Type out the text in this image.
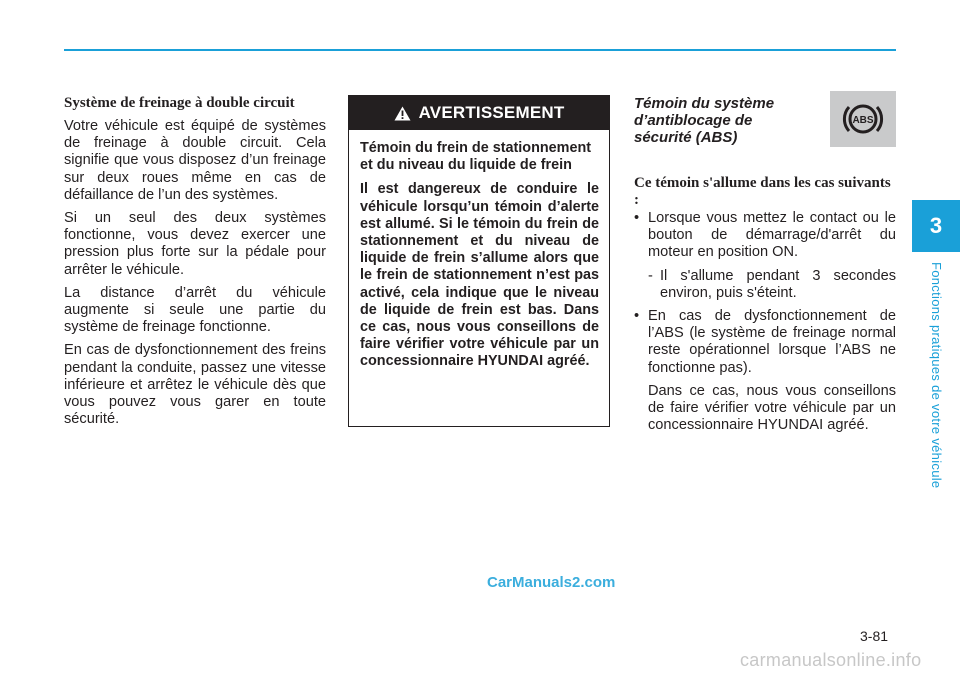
Système de freinage à double circuit

Votre véhicule est équipé de systèmes de freinage à double circuit. Cela signifie que vous disposez d’un freinage sur deux roues même en cas de défaillance de l’un des systèmes.

Si un seul des deux systèmes fonctionne, vous devez exercer une pression plus forte sur la pédale pour arrêter le véhicule.

La distance d’arrêt du véhicule augmente si seule une partie du système de freinage fonctionne.

En cas de dysfonctionnement des freins pendant la conduite, passez une vitesse inférieure et arrêtez le véhicule dès que vous pouvez vous garer en toute sécurité.

AVERTISSEMENT

Témoin du frein de stationnement et du niveau du liquide de frein

Il est dangereux de conduire le véhicule lorsqu’un témoin d’alerte est allumé. Si le témoin du frein de stationnement et du niveau de liquide de frein s’allume alors que le frein de stationnement n’est pas activé, cela indique que le niveau de liquide de frein est bas. Dans ce cas, nous vous conseillons de faire vérifier votre véhicule par un concessionnaire HYUNDAI agréé.

Témoin du système d’antiblocage de sécurité (ABS)
ABS
Ce témoin s'allume dans les cas suivants :
• Lorsque vous mettez le contact ou le bouton de démarrage/d'arrêt du moteur en position ON.
- Il s'allume pendant 3 secondes environ, puis s'éteint.
• En cas de dysfonctionnement de l’ABS (le système de freinage normal reste opérationnel lorsque l’ABS ne fonctionne pas).
Dans ce cas, nous vous conseillons de faire vérifier votre véhicule par un concessionnaire HYUNDAI agréé.
3
Fonctions pratiques de votre véhicule
CarManuals2.com
3-81
carmanualsonline.info
